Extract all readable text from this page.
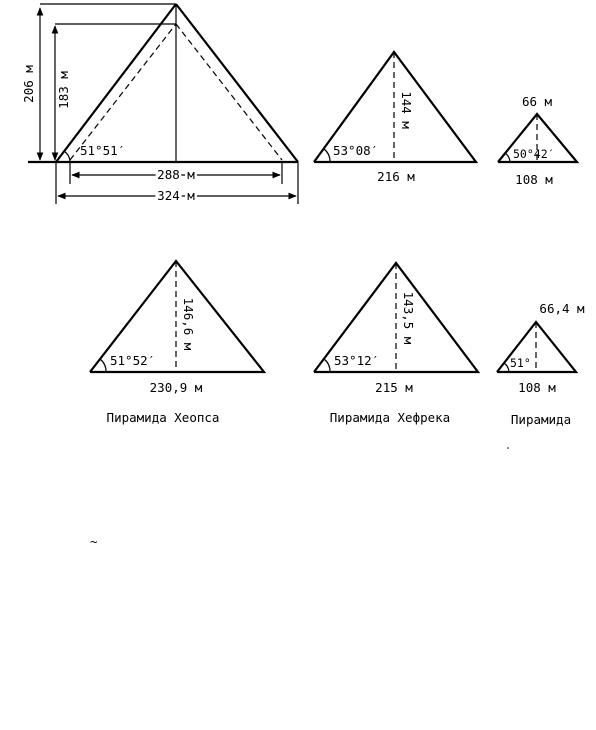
206 м 183 м
51°51′
288 м
324 м
53°08′
144 м
216 м
66 м
50°42′
108 м
51°52′
146,6 м
230,9 м
Пирамида Хеопса
53°12′
143,5 м
215 м
Пирамида Хефрека
66,4 м
51°
108 м
Пирамида
~
